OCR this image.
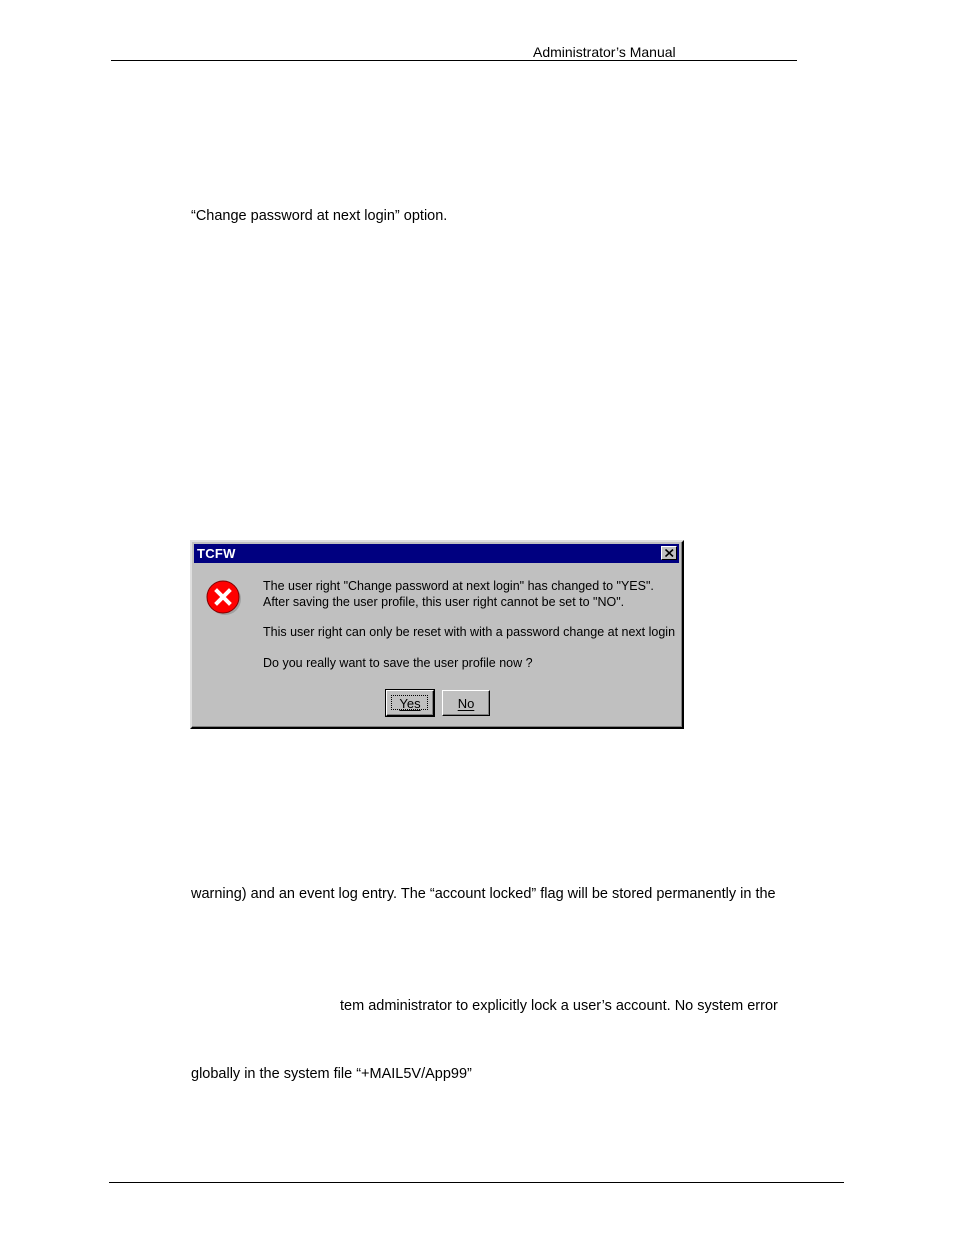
Administrator’s Manual
“Change password at next login” option.
TCFW
The user right "Change password at next login" has changed to "YES".
After saving the user profile, this user right cannot be set to "NO".
This user right can only be reset with with a password change at next login
Do you really want to save the user profile now ?
Yes	No
warning) and an event log entry. The “account locked” flag will be stored permanently in the
tem administrator to explicitly lock a user’s account. No system error
globally in the system file “+MAIL5V/App99”
